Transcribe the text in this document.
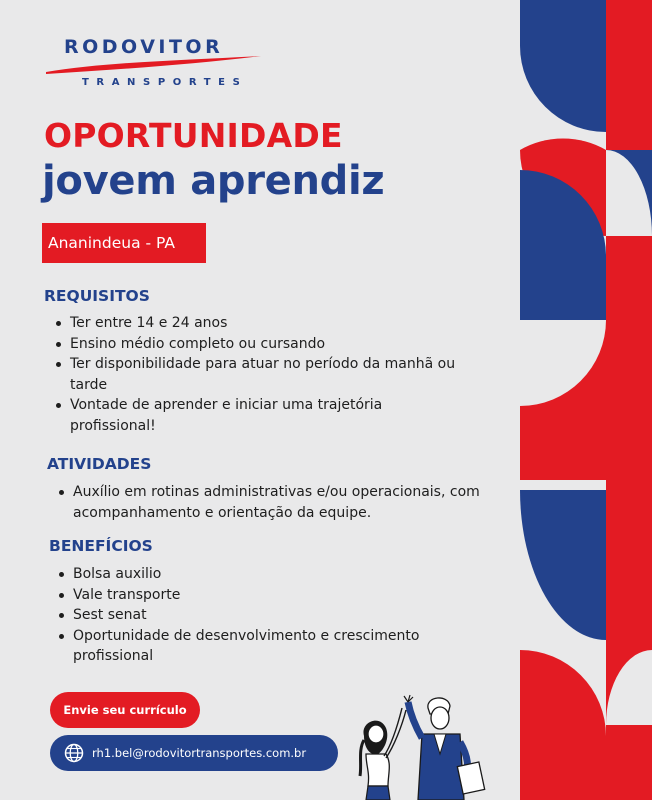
RODOVITOR
TRANSPORTES
OPORTUNIDADE
jovem aprendiz
Ananindeua - PA
REQUISITOS
Ter entre 14 e 24 anos
Ensino médio completo ou cursando
Ter disponibilidade para atuar no período da manhã ou tarde
Vontade de aprender e iniciar uma trajetória profissional!
ATIVIDADES
Auxílio em rotinas administrativas e/ou operacionais, com acompanhamento e orientação da equipe.
BENEFÍCIOS
Bolsa auxilio
Vale transporte
Sest senat
Oportunidade de desenvolvimento e crescimento profissional
Envie seu currículo
rh1.bel@rodovitortransportes.com.br
